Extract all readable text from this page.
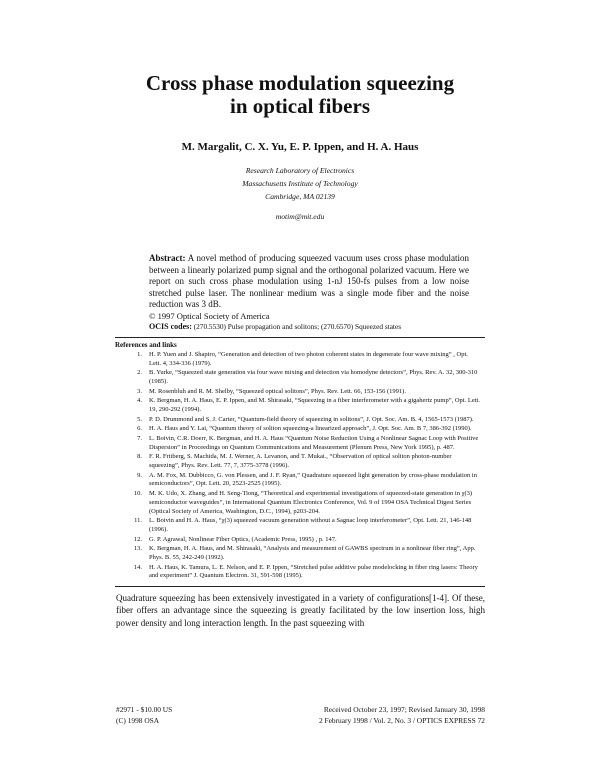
Cross phase modulation squeezing
in optical fibers
M. Margalit, C. X. Yu, E. P. Ippen, and H. A. Haus
Research Laboratory of Electronics
Massachusetts Institute of Technology
Cambridge, MA 02139
motim@mit.edu
Abstract: A novel method of producing squeezed vacuum uses cross phase modulation between a linearly polarized pump signal and the orthogonal polarized vacuum. Here we report on such cross phase modulation using 1-nJ 150-fs pulses from a low noise stretched pulse laser. The nonlinear medium was a single mode fiber and the noise reduction was 3 dB.
© 1997 Optical Society of America
OCIS codes: (270.5530) Pulse propagation and solitons; (270.6570) Squeezed states
References and links
1. H. P. Yuen and J. Shapiro, “Generation and detection of two photon coherent states in degenerate four wave mixing” , Opt. Lett. 4, 334-336 (1979).
2. B. Yurke, “Squeezed state generation via four wave mixing and detection via homodyne detectors”, Phys. Rev. A. 32, 300-310 (1985).
3. M. Rosenbluh and R. M. Shelby, “Squeezed optical solitons”, Phys. Rev. Lett. 66, 153-156 (1991).
4. K. Bergman, H. A. Haus, E. P. Ippen, and M. Shirasaki, “Squeezing in a fiber interferometer with a gigahertz pump”, Opt. Lett. 19, 290-292 (1994).
5. P. D. Drummond and S. J. Carter, “Quantum-field theory of squeezing in solitons”, J. Opt. Soc. Am. B. 4, 1565-1573 (1987).
6. H. A. Haus and Y. Lai, “Quantum theory of soliton squeezing-a linearized approach”, J. Opt. Soc. Am. B 7, 386-392 (1990).
7. L. Boivin, C.R. Doerr, K. Bergman, and H. A. Haus “Quantum Noise Reduction Using a Nonlinear Sagnac Loop with Positive Dispersion” in Proceedings on Quantum Communications and Measurement (Plenum Press, New York 1995), p. 487.
8. F. R. Fritberg, S. Machida, M. J. Werner, A. Levanon, and T. Mukai., “Observation of optical soliton photon-number squeezing”, Phys. Rev. Lett. 77, 7, 3775-3778 (1996).
9. A. M. Fox, M. Dubbicco, G. von Plessen, and J. F. Ryan,” Quadrature squeezed light generation by cross-phase modulation in semiconductors”, Opt. Lett. 20, 2523-2525 (1995).
10. M. K. Udo, X. Zhang, and H. Seng-Tiong, “Theoretical and experimental investigations of squeezed-state generation in χ(3) semiconductor waveguides”, in International Quantum Electronics Conference, Vol. 9 of 1994 OSA Technical Digest Series (Optical Society of America, Washington, D.C., 1994), p203-204.
11. L. Boivin and H. A. Haus, “χ(3) squeezed vacuum generation without a Sagnac loop interferometer”, Opt. Lett. 21, 146-148 (1996).
12. G. P. Agrawal, Nonlinear Fiber Optics, (Academic Press, 1995) , p. 147.
13. K. Bergman, H. A. Haus, and M. Shirasaki, “Analysis and measurement of GAWBS spectrum in a nonlinear fiber ring”, App. Phys. B. 55, 242-249 (1992).
14. H. A. Haus, K. Tamura, L. E. Nelson, and E. P. Ippen, “Stretched pulse additive pulse modelocking in fiber ring lasers: Theory and experiment” J. Quantum Electron. 31, 591-598 (1995).
Quadrature squeezing has been extensively investigated in a variety of configurations[1-4]. Of these, fiber offers an advantage since the squeezing is greatly facilitated by the low insertion loss, high power density and long interaction length. In the past squeezing with
#2971 - $10.00 US
(C) 1998 OSA
Received October 23, 1997; Revised January 30, 1998
2 February 1998 / Vol. 2, No. 3 / OPTICS EXPRESS 72
